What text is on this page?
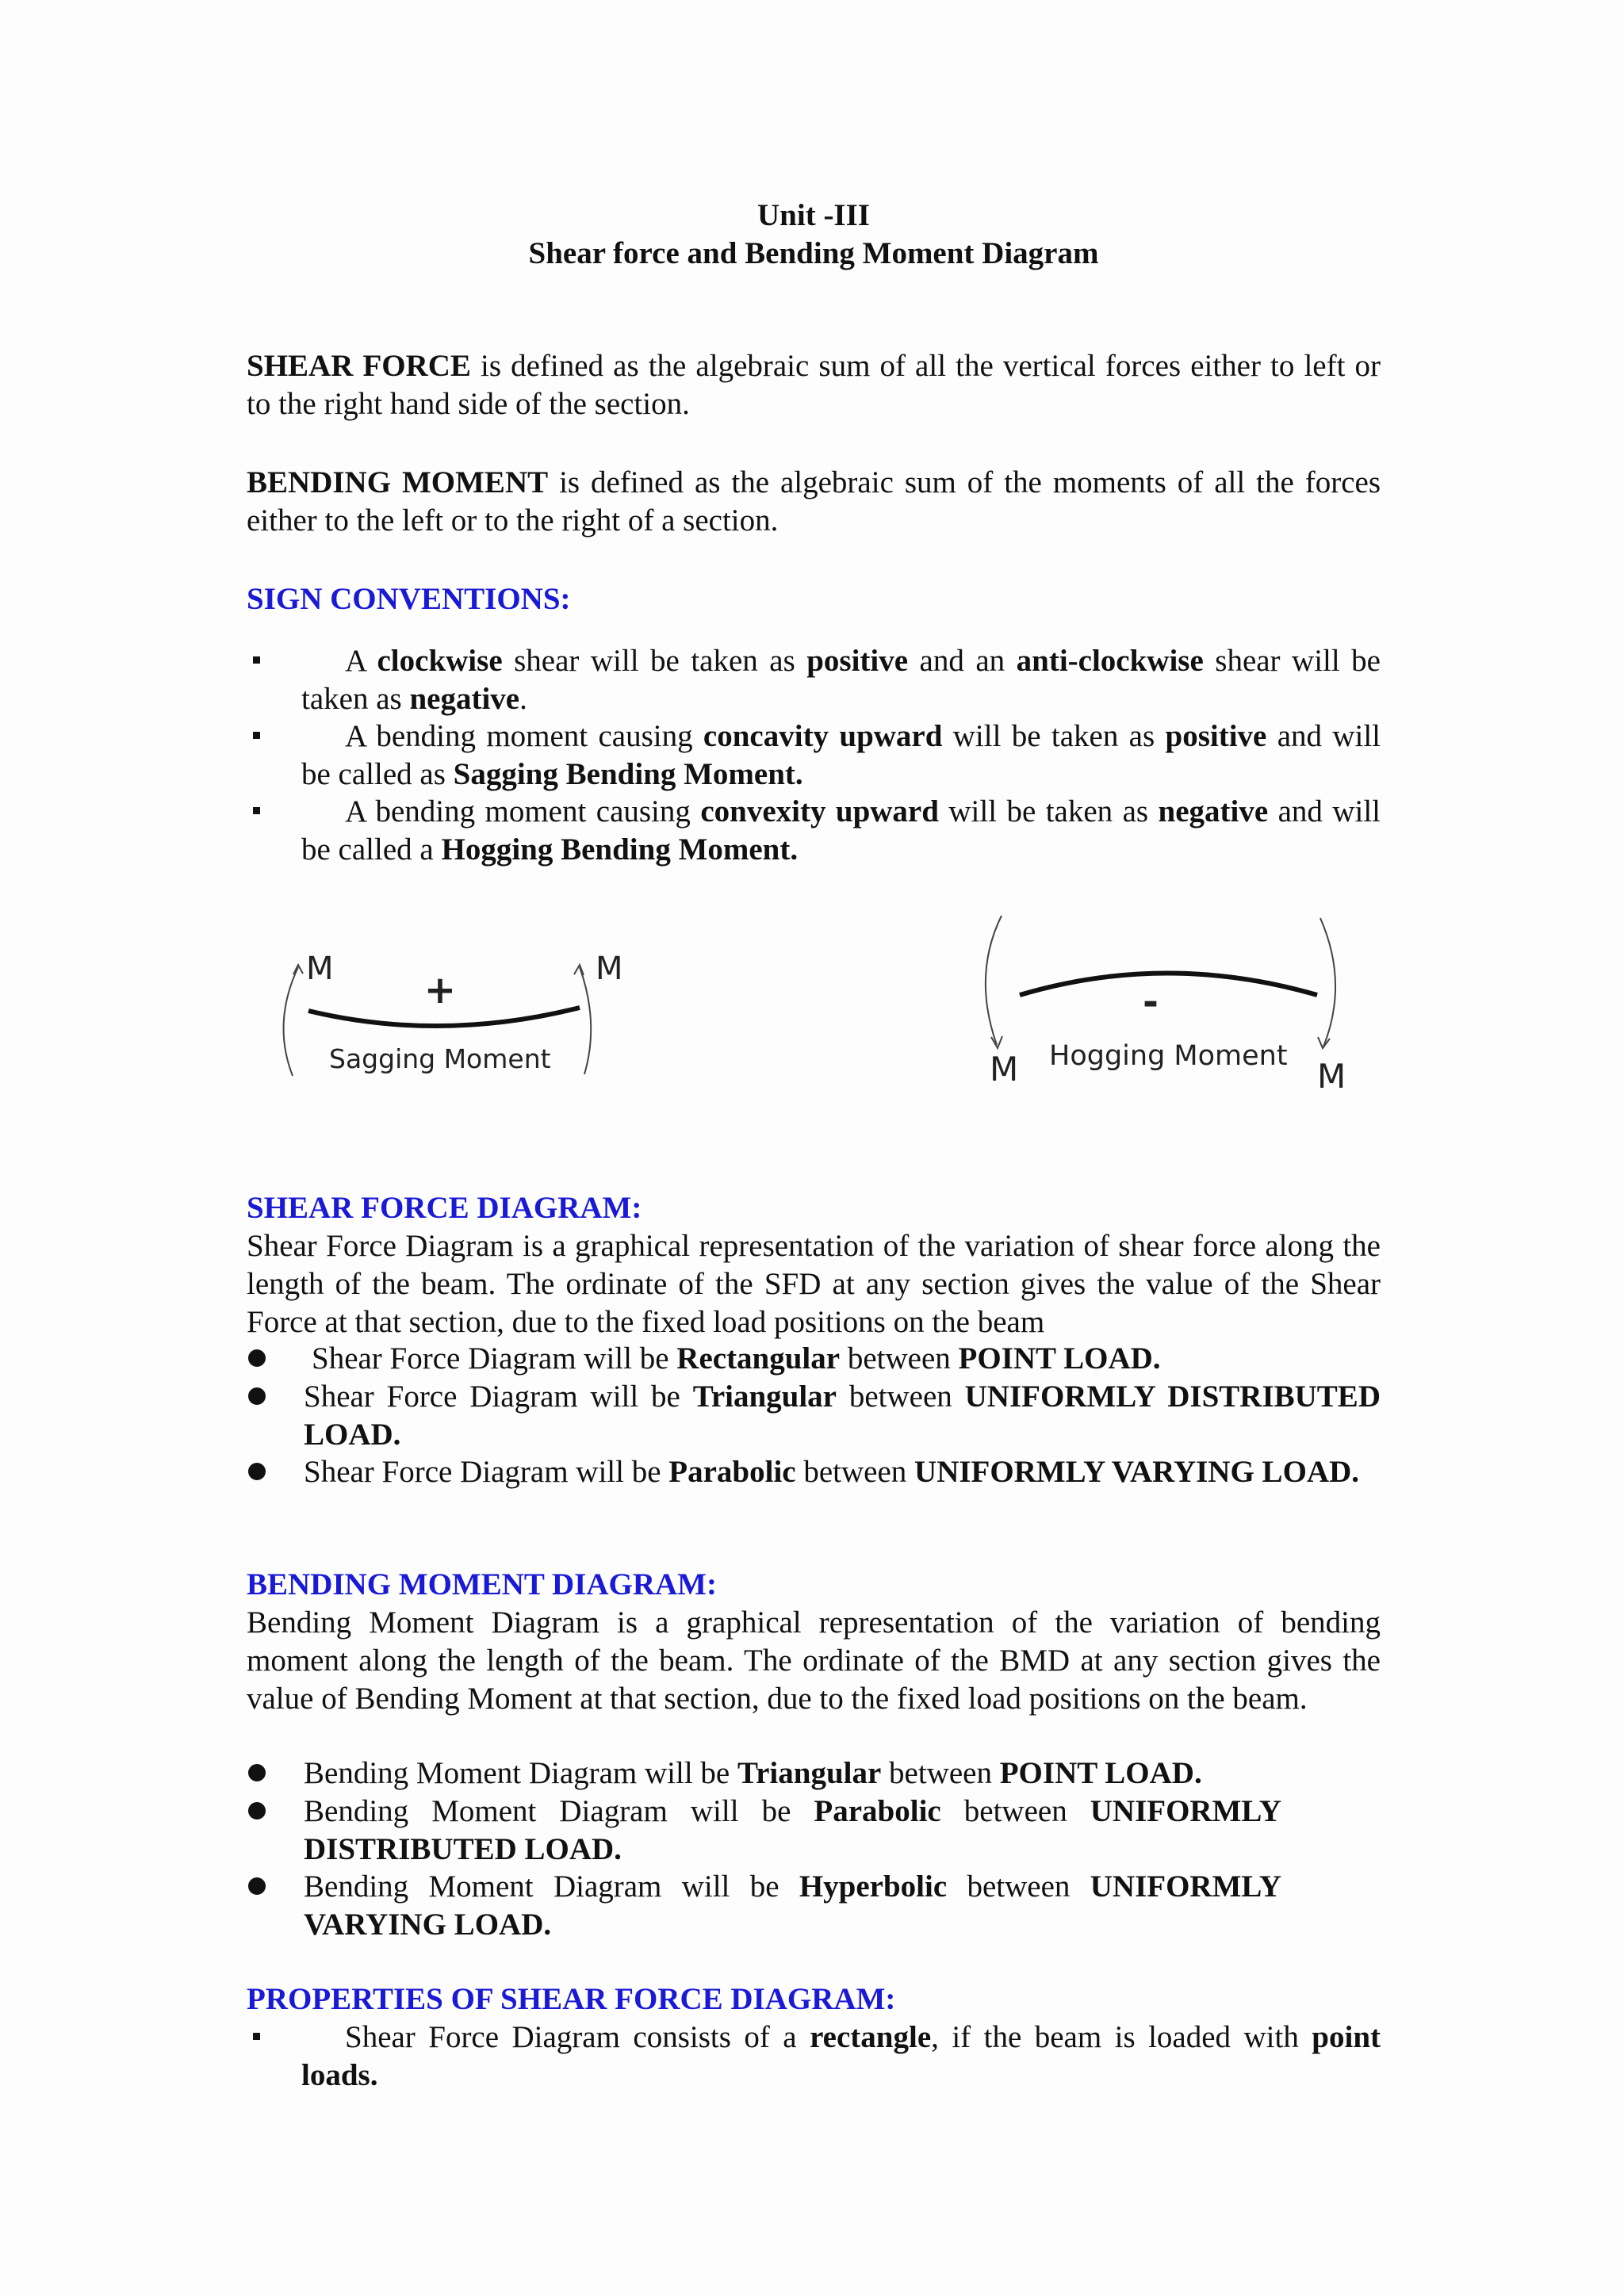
Unit -III
Shear force and Bending Moment Diagram
SHEAR FORCE is defined as the algebraic sum of all the vertical forces either to left or to the right hand side of the section.
BENDING MOMENT is defined as the algebraic sum of the moments of all the forces either to the left or to the right of a section.
SIGN CONVENTIONS:
A clockwise shear will be taken as positive and an anti-clockwise shear will be taken as negative.
A bending moment causing concavity upward will be taken as positive and will be called as Sagging Bending Moment.
A bending moment causing convexity upward will be taken as negative and will be called a Hogging Bending Moment.
M	M
+
Sagging Moment
-
Hogging Moment
M	M
SHEAR FORCE DIAGRAM:
Shear Force Diagram is a graphical representation of the variation of shear force along the length of the beam. The ordinate of the SFD at any section gives the value of the Shear Force at that section, due to the fixed load positions on the beam
Shear Force Diagram will be Rectangular between POINT LOAD.
Shear Force Diagram will be Triangular between UNIFORMLY DISTRIBUTED LOAD.
Shear Force Diagram will be Parabolic between UNIFORMLY VARYING LOAD.
BENDING MOMENT DIAGRAM:
Bending Moment Diagram is a graphical representation of the variation of bending moment along the length of the beam. The ordinate of the BMD at any section gives the value of Bending Moment at that section, due to the fixed load positions on the beam.
Bending Moment Diagram will be Triangular between POINT LOAD.
Bending Moment Diagram will be Parabolic between UNIFORMLY DISTRIBUTED LOAD.
Bending Moment Diagram will be Hyperbolic between UNIFORMLY VARYING LOAD.
PROPERTIES OF SHEAR FORCE DIAGRAM:
Shear Force Diagram consists of a rectangle, if the beam is loaded with point loads.
